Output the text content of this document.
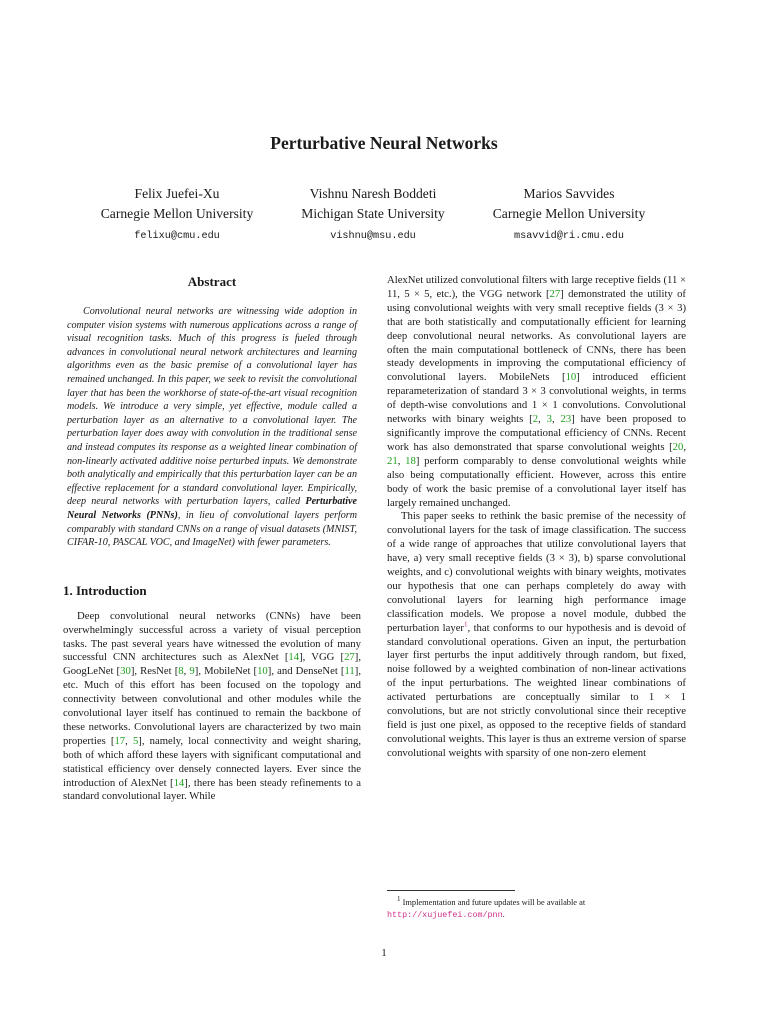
Perturbative Neural Networks
Felix Juefei-Xu
Carnegie Mellon University
felixu@cmu.edu
Vishnu Naresh Boddeti
Michigan State University
vishnu@msu.edu
Marios Savvides
Carnegie Mellon University
msavvid@ri.cmu.edu
Abstract

Convolutional neural networks are witnessing wide adoption in computer vision systems with numerous applications across a range of visual recognition tasks. Much of this progress is fueled through advances in convolutional neural network architectures and learning algorithms even as the basic premise of a convolutional layer has remained unchanged. In this paper, we seek to revisit the convolutional layer that has been the workhorse of state-of-the-art visual recognition models. We introduce a very simple, yet effective, module called a perturbation layer as an alternative to a convolutional layer. The perturbation layer does away with convolution in the traditional sense and instead computes its response as a weighted linear combination of non-linearly activated additive noise perturbed inputs. We demonstrate both analytically and empirically that this perturbation layer can be an effective replacement for a standard convolutional layer. Empirically, deep neural networks with perturbation layers, called Perturbative Neural Networks (PNNs), in lieu of convolutional layers perform comparably with standard CNNs on a range of visual datasets (MNIST, CIFAR-10, PASCAL VOC, and ImageNet) with fewer parameters.

1. Introduction

Deep convolutional neural networks (CNNs) have been overwhelmingly successful across a variety of visual perception tasks. The past several years have witnessed the evolution of many successful CNN architectures such as AlexNet [14], VGG [27], GoogLeNet [30], ResNet [8, 9], MobileNet [10], and DenseNet [11], etc. Much of this effort has been focused on the topology and connectivity between convolutional and other modules while the convolutional layer itself has continued to remain the backbone of these networks. Convolutional layers are characterized by two main properties [17, 5], namely, local connectivity and weight sharing, both of which afford these layers with significant computational and statistical efficiency over densely connected layers. Ever since the introduction of AlexNet [14], there has been steady refinements to a standard convolutional layer. While

AlexNet utilized convolutional filters with large receptive fields (11 × 11, 5 × 5, etc.), the VGG network [27] demonstrated the utility of using convolutional weights with very small receptive fields (3 × 3) that are both statistically and computationally efficient for learning deep convolutional neural networks. As convolutional layers are often the main computational bottleneck of CNNs, there has been steady developments in improving the computational efficiency of convolutional layers. MobileNets [10] introduced efficient reparameterization of standard 3 × 3 convolutional weights, in terms of depth-wise convolutions and 1 × 1 convolutions. Convolutional networks with binary weights [2, 3, 23] have been proposed to significantly improve the computational efficiency of CNNs. Recent work has also demonstrated that sparse convolutional weights [20, 21, 18] perform comparably to dense convolutional weights while also being computationally efficient. However, across this entire body of work the basic premise of a convolutional layer itself has largely remained unchanged.

This paper seeks to rethink the basic premise of the necessity of convolutional layers for the task of image classification. The success of a wide range of approaches that utilize convolutional layers that have, a) very small receptive fields (3 × 3), b) sparse convolutional weights, and c) convolutional weights with binary weights, motivates our hypothesis that one can perhaps completely do away with convolutional layers for learning high performance image classification models. We propose a novel module, dubbed the perturbation layer$^1$, that conforms to our hypothesis and is devoid of standard convolutional operations. Given an input, the perturbation layer first perturbs the input additively through random, but fixed, noise followed by a weighted combination of non-linear activations of the input perturbations. The weighted linear combinations of activated perturbations are conceptually similar to 1 × 1 convolutions, but are not strictly convolutional since their receptive field is just one pixel, as opposed to the receptive fields of standard convolutional weights. This layer is thus an extreme version of sparse convolutional weights with sparsity of one non-zero element

$^1$ Implementation and future updates will be available at http://xujuefei.com/pnn.
1
